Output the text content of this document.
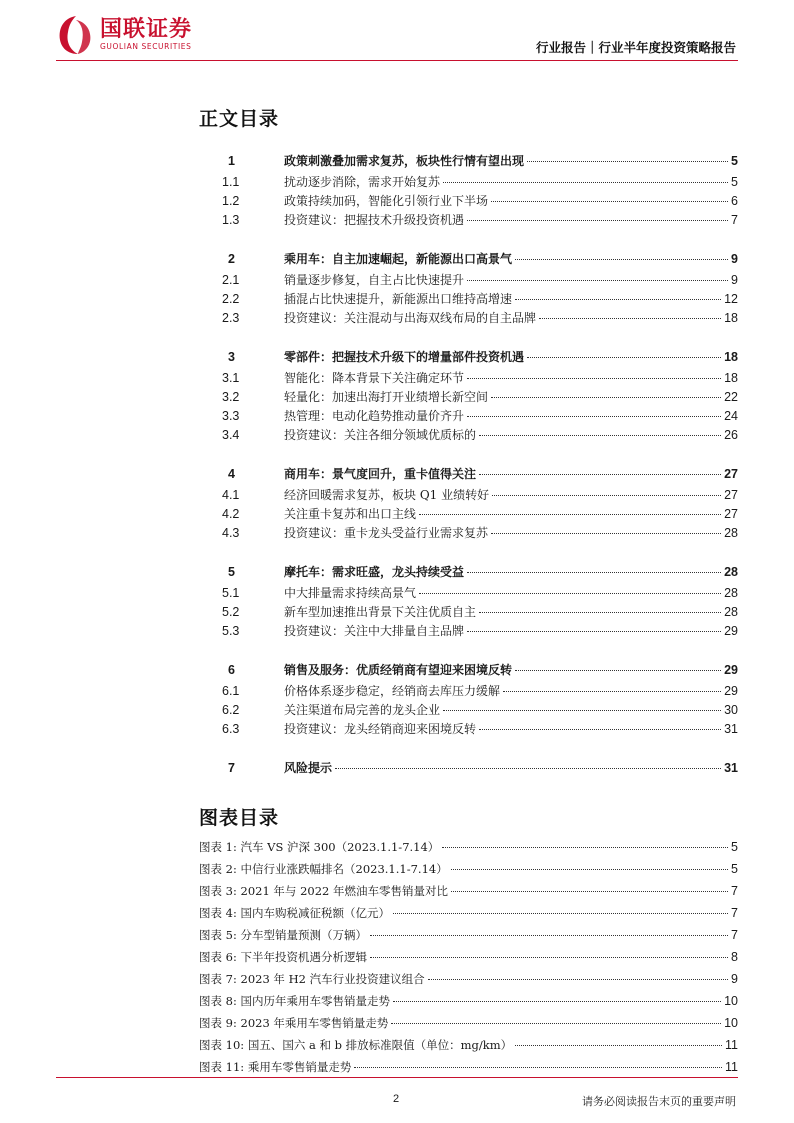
国联证券
GUOLIAN SECURITIES	行业报告｜行业半年度投资策略报告
正文目录
1	政策刺激叠加需求复苏，板块性行情有望出现	5
1.1	扰动逐步消除，需求开始复苏	5
1.2	政策持续加码，智能化引领行业下半场	6
1.3	投资建议：把握技术升级投资机遇	7
2	乘用车：自主加速崛起，新能源出口高景气	9
2.1	销量逐步修复，自主占比快速提升	9
2.2	插混占比快速提升，新能源出口维持高增速	12
2.3	投资建议：关注混动与出海双线布局的自主品牌	18
3	零部件：把握技术升级下的增量部件投资机遇	18
3.1	智能化：降本背景下关注确定环节	18
3.2	轻量化：加速出海打开业绩增长新空间	22
3.3	热管理：电动化趋势推动量价齐升	24
3.4	投资建议：关注各细分领域优质标的	26
4	商用车：景气度回升，重卡值得关注	27
4.1	经济回暖需求复苏，板块 Q1 业绩转好	27
4.2	关注重卡复苏和出口主线	27
4.3	投资建议：重卡龙头受益行业需求复苏	28
5	摩托车：需求旺盛，龙头持续受益	28
5.1	中大排量需求持续高景气	28
5.2	新车型加速推出背景下关注优质自主	28
5.3	投资建议：关注中大排量自主品牌	29
6	销售及服务：优质经销商有望迎来困境反转	29
6.1	价格体系逐步稳定，经销商去库压力缓解	29
6.2	关注渠道布局完善的龙头企业	30
6.3	投资建议：龙头经销商迎来困境反转	31
7	风险提示	31
图表目录
图表 1: 汽车 VS 沪深 300（2023.1.1-7.14）	5
图表 2: 中信行业涨跌幅排名（2023.1.1-7.14）	5
图表 3: 2021 年与 2022 年燃油车零售销量对比	7
图表 4: 国内车购税减征税额（亿元）	7
图表 5: 分车型销量预测（万辆）	7
图表 6: 下半年投资机遇分析逻辑	8
图表 7: 2023 年 H2 汽车行业投资建议组合	9
图表 8: 国内历年乘用车零售销量走势	10
图表 9: 2023 年乘用车零售销量走势	10
图表 10: 国五、国六 a 和 b 排放标准限值（单位：mg/km）	11
图表 11: 乘用车零售销量走势	11
2	请务必阅读报告末页的重要声明
